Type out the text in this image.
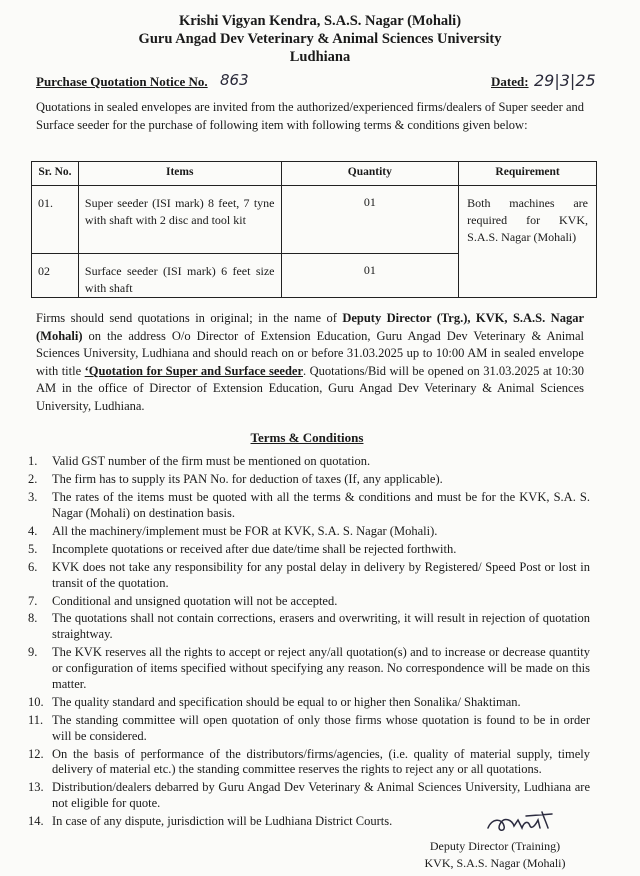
Krishi Vigyan Kendra, S.A.S. Nagar (Mohali)
Guru Angad Dev Veterinary & Animal Sciences University
Ludhiana
Purchase Quotation Notice No. 863	Dated: 29|3|25
Quotations in sealed envelopes are invited from the authorized/experienced firms/dealers of Super seeder and Surface seeder for the purchase of following item with following terms & conditions given below:
Sr. No.	Items	Quantity	Requirement
01.	Super seeder (ISI mark) 8 feet, 7 tyne with shaft with 2 disc and tool kit	01	Both machines are required for KVK, S.A.S. Nagar (Mohali)
02	Surface seeder (ISI mark) 6 feet size with shaft	01	
Firms should send quotations in original; in the name of Deputy Director (Trg.), KVK, S.A.S. Nagar (Mohali) on the address O/o Director of Extension Education, Guru Angad Dev Veterinary & Animal Sciences University, Ludhiana and should reach on or before 31.03.2025 up to 10:00 AM in sealed envelope with title ‘Quotation for Super and Surface seeder. Quotations/Bid will be opened on 31.03.2025 at 10:30 AM in the office of Director of Extension Education, Guru Angad Dev Veterinary & Animal Sciences University, Ludhiana.
Terms & Conditions
1. Valid GST number of the firm must be mentioned on quotation.
2. The firm has to supply its PAN No. for deduction of taxes (If, any applicable).
3. The rates of the items must be quoted with all the terms & conditions and must be for the KVK, S.A. S. Nagar (Mohali) on destination basis.
4. All the machinery/implement must be FOR at KVK, S.A. S. Nagar (Mohali).
5. Incomplete quotations or received after due date/time shall be rejected forthwith.
6. KVK does not take any responsibility for any postal delay in delivery by Registered/ Speed Post or lost in transit of the quotation.
7. Conditional and unsigned quotation will not be accepted.
8. The quotations shall not contain corrections, erasers and overwriting, it will result in rejection of quotation straightway.
9. The KVK reserves all the rights to accept or reject any/all quotation(s) and to increase or decrease quantity or configuration of items specified without specifying any reason. No correspondence will be made on this matter.
10. The quality standard and specification should be equal to or higher then Sonalika/ Shaktiman.
11. The standing committee will open quotation of only those firms whose quotation is found to be in order will be considered.
12. On the basis of performance of the distributors/firms/agencies, (i.e. quality of material supply, timely delivery of material etc.) the standing committee reserves the rights to reject any or all quotations.
13. Distribution/dealers debarred by Guru Angad Dev Veterinary & Animal Sciences University, Ludhiana are not eligible for quote.
14. In case of any dispute, jurisdiction will be Ludhiana District Courts.
Deputy Director (Training)
KVK, S.A.S. Nagar (Mohali)
